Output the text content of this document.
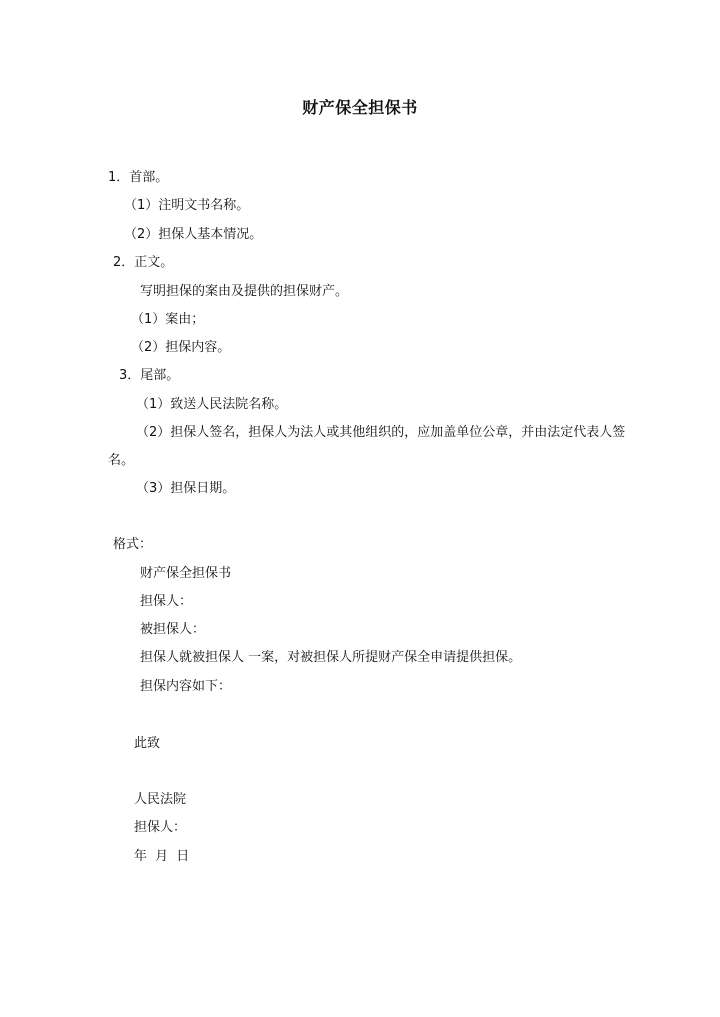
财产保全担保书
1．首部。
（1）注明文书名称。
（2）担保人基本情况。
2．正文。
写明担保的案由及提供的担保财产。
（1）案由；
（2）担保内容。
3．尾部。
（1）致送人民法院名称。
（2）担保人签名，担保人为法人或其他组织的，应加盖单位公章，并由法定代表人签
名。
（3）担保日期。
格式：
财产保全担保书
担保人：
被担保人：
担保人就被担保人 一案，对被担保人所提财产保全申请提供担保。
担保内容如下：
此致
人民法院
担保人：
年 月 日
